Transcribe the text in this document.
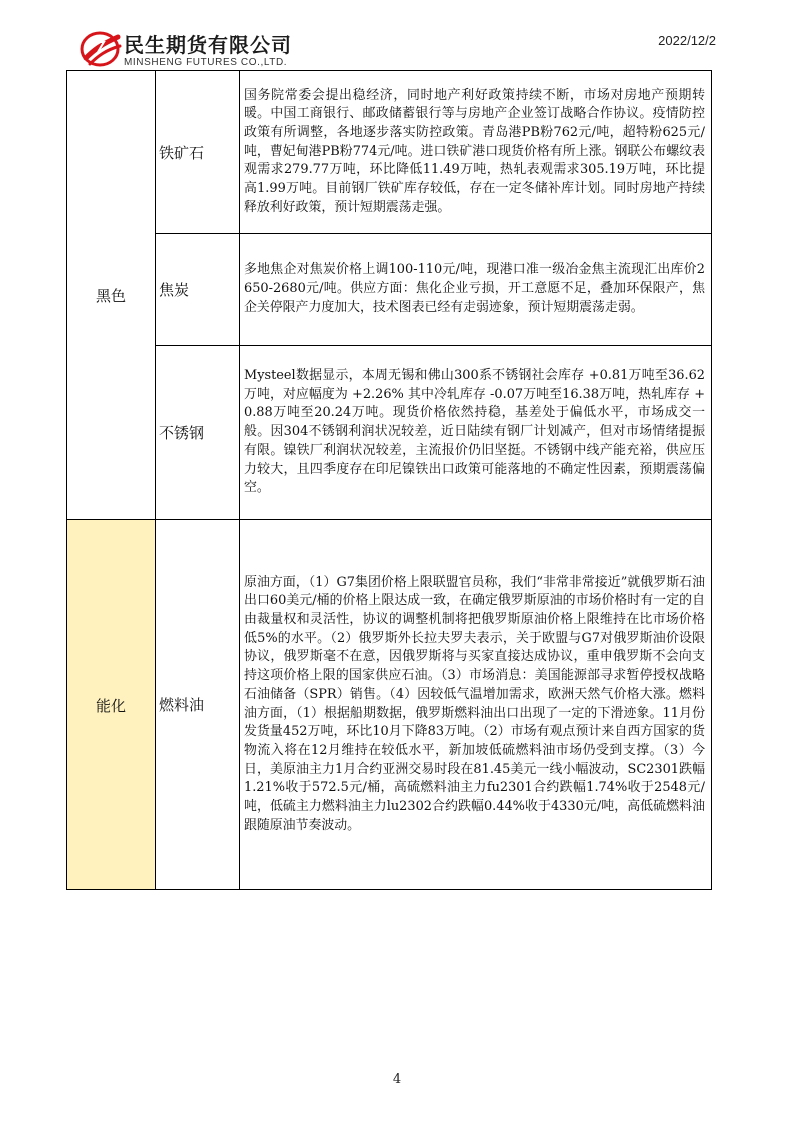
民生期货有限公司
MINSHENG FUTURES CO.,LTD.
2022/12/2
黑色	铁矿石	国务院常委会提出稳经济，同时地产利好政策持续不断，市场对房地产预期转暖。中国工商银行、邮政储蓄银行等与房地产企业签订战略合作协议。疫情防控政策有所调整，各地逐步落实防控政策。青岛港PB粉762元/吨，超特粉625元/吨，曹妃甸港PB粉774元/吨。进口铁矿港口现货价格有所上涨。钢联公布螺纹表观需求279.77万吨，环比降低11.49万吨，热轧表观需求305.19万吨，环比提高1.99万吨。目前钢厂铁矿库存较低，存在一定冬储补库计划。同时房地产持续释放利好政策，预计短期震荡走强。

	焦炭	多地焦企对焦炭价格上调100-110元/吨，现港口准一级冶金焦主流现汇出库价2650-2680元/吨。供应方面：焦化企业亏损，开工意愿不足，叠加环保限产，焦企关停限产力度加大，技术图表已经有走弱迹象，预计短期震荡走弱。

	不锈钢	Mysteel数据显示，本周无锡和佛山300系不锈钢社会库存 +0.81万吨至36.62万吨，对应幅度为 +2.26% 其中冷轧库存 -0.07万吨至16.38万吨，热轧库存 +0.88万吨至20.24万吨。现货价格依然持稳，基差处于偏低水平，市场成交一般。因304不锈钢利润状况较差，近日陆续有钢厂计划减产，但对市场情绪提振有限。镍铁厂利润状况较差，主流报价仍旧坚挺。不锈钢中线产能充裕，供应压力较大，且四季度存在印尼镍铁出口政策可能落地的不确定性因素，预期震荡偏空。

能化	燃料油	原油方面，（1）G7集团价格上限联盟官员称，我们“非常非常接近”就俄罗斯石油出口60美元/桶的价格上限达成一致，在确定俄罗斯原油的市场价格时有一定的自由裁量权和灵活性，协议的调整机制将把俄罗斯原油价格上限维持在比市场价格低5%的水平。（2）俄罗斯外长拉夫罗夫表示，关于欧盟与G7对俄罗斯油价设限协议，俄罗斯毫不在意，因俄罗斯将与买家直接达成协议，重申俄罗斯不会向支持这项价格上限的国家供应石油。（3）市场消息：美国能源部寻求暂停授权战略石油储备（SPR）销售。（4）因较低气温增加需求，欧洲天然气价格大涨。燃料油方面，（1）根据船期数据，俄罗斯燃料油出口出现了一定的下滑迹象。11月份发货量452万吨，环比10月下降83万吨。（2）市场有观点预计来自西方国家的货物流入将在12月维持在较低水平，新加坡低硫燃料油市场仍受到支撑。（3）今日，美原油主力1月合约亚洲交易时段在81.45美元一线小幅波动，SC2301跌幅1.21%收于572.5元/桶，高硫燃料油主力fu2301合约跌幅1.74%收于2548元/吨，低硫主力燃料油主力lu2302合约跌幅0.44%收于4330元/吨，高低硫燃料油跟随原油节奏波动。
4
